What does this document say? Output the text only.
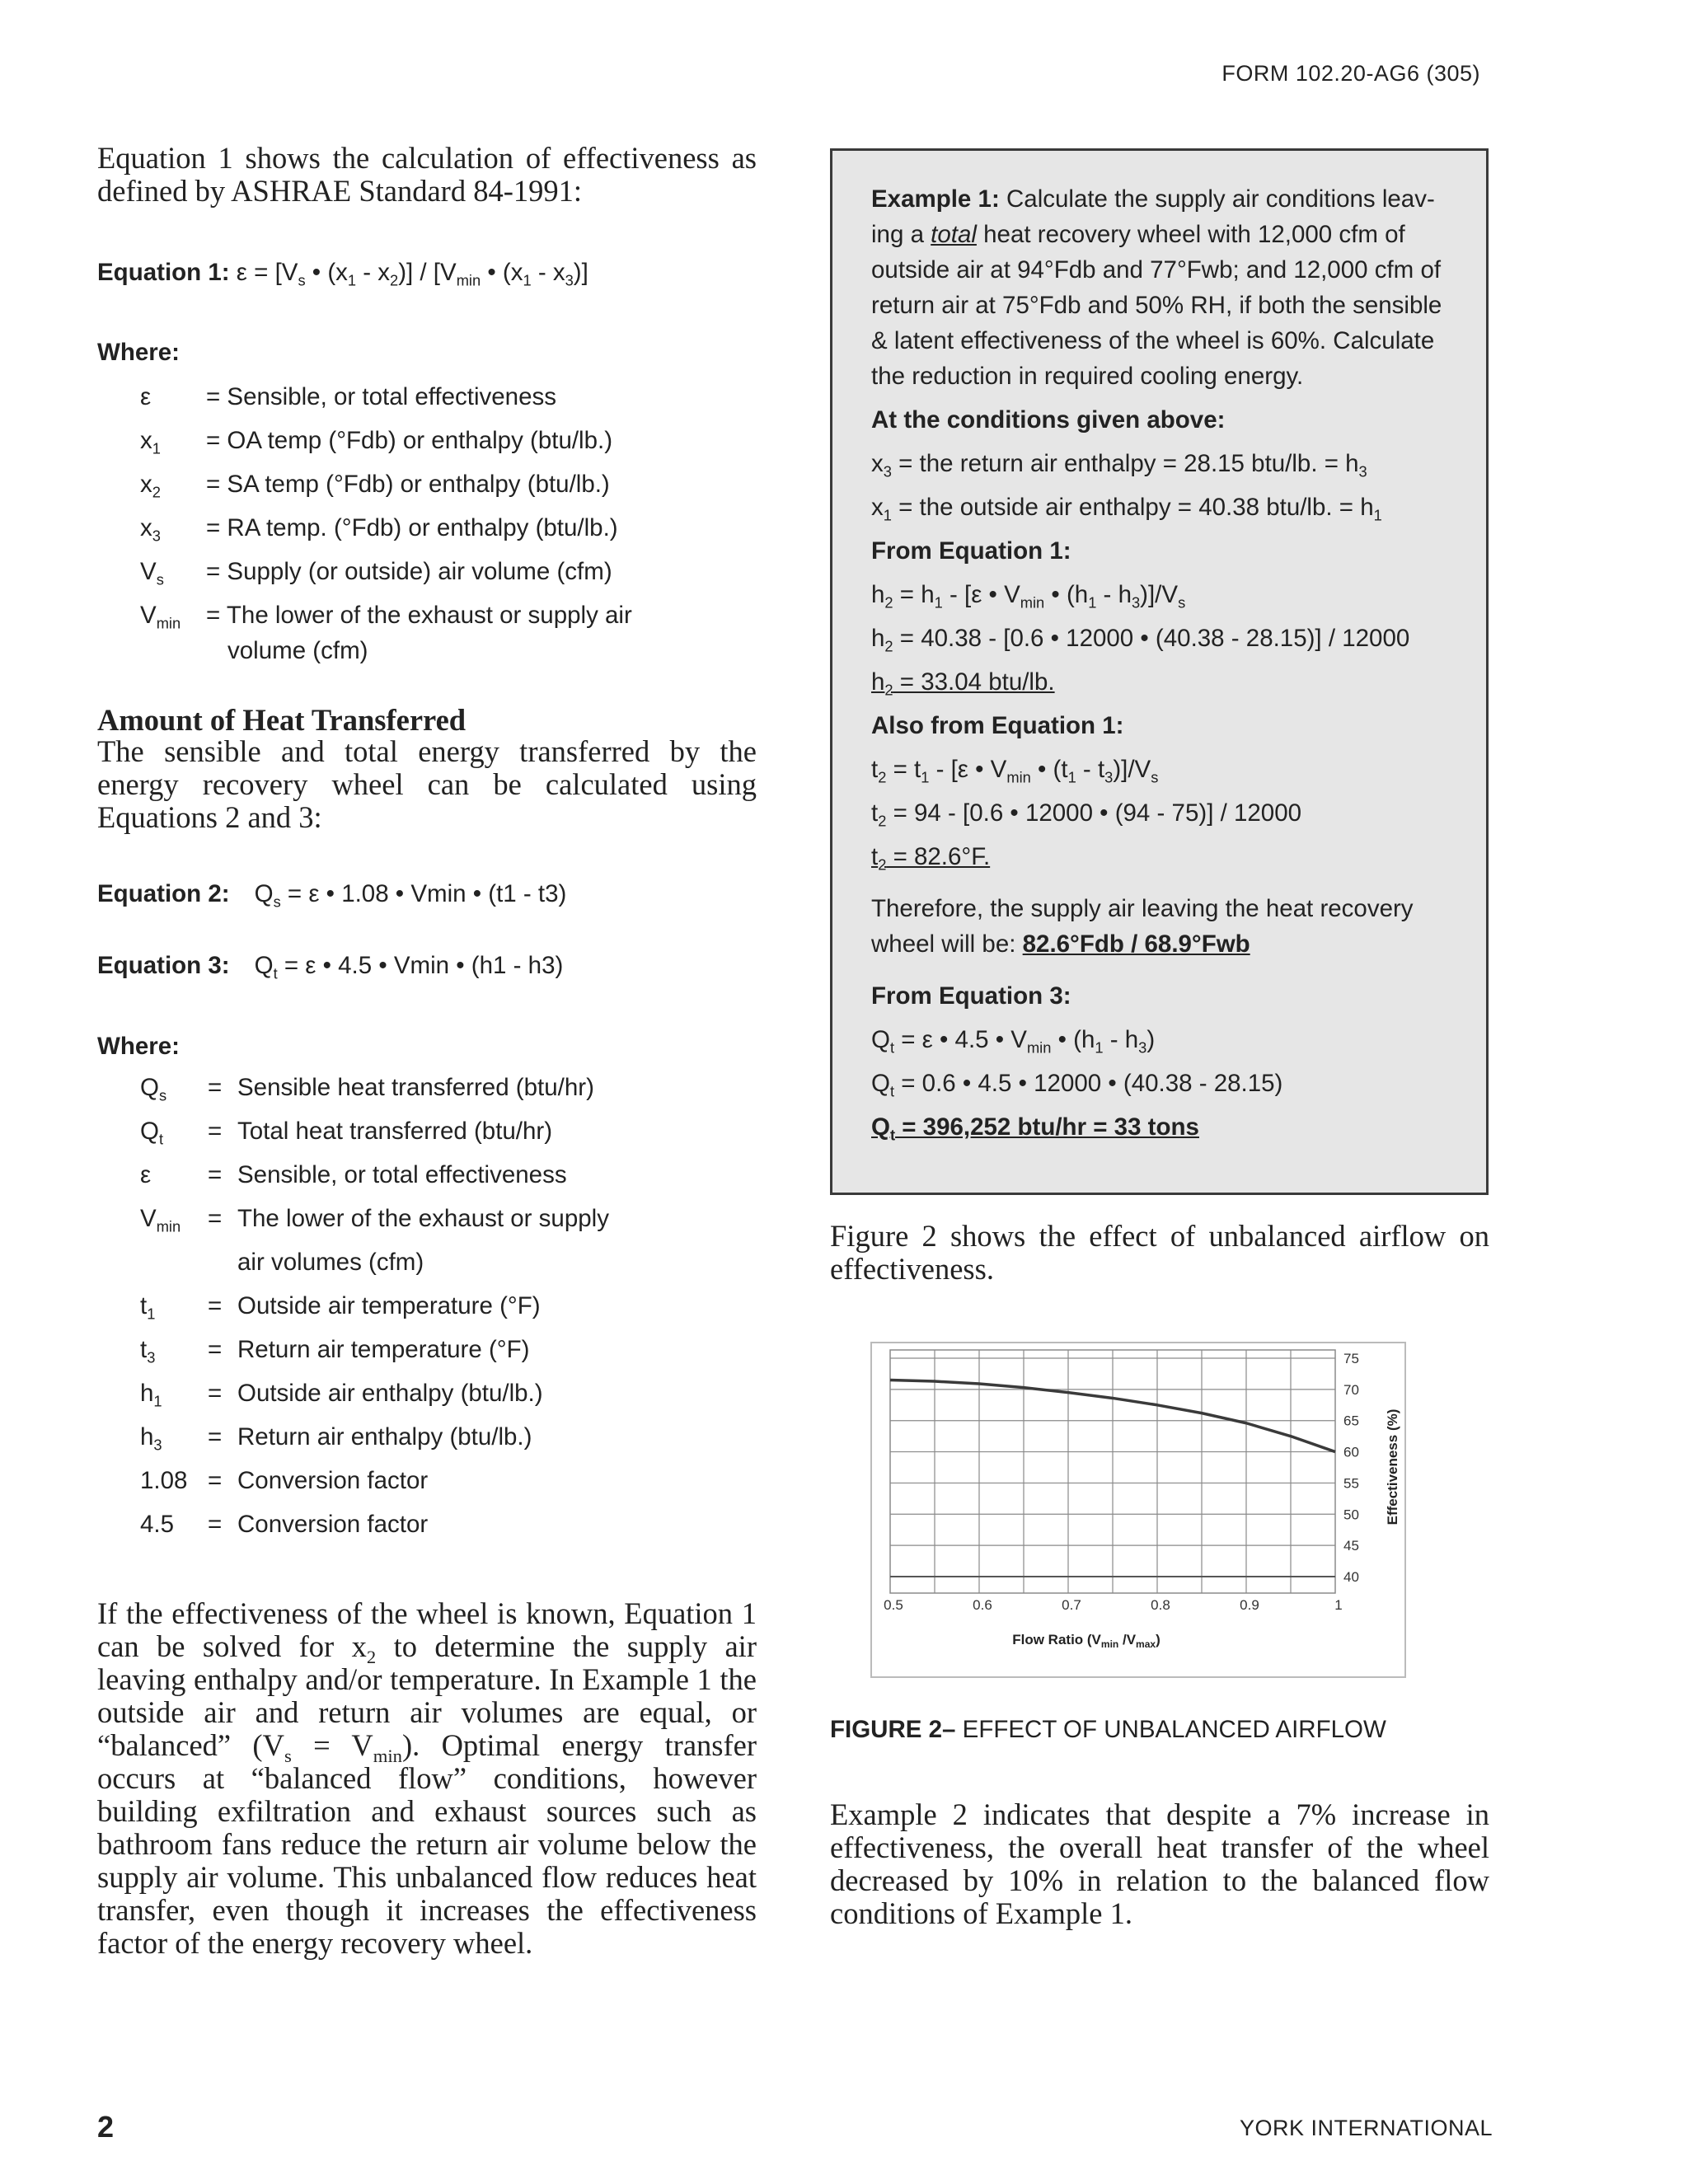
FORM 102.20-AG6 (305)
2	YORK INTERNATIONAL

Equation 1 shows the calculation of effectiveness as defined by ASHRAE Standard 84-1991:

Equation 1: $\varepsilon = [V_s$ • $(x_1 - x_2)] / [V_{min}$ • $(x_1 - x_3)$]
Where:
ε = Sensible, or total effectiveness
$x_1$ = OA temp (°Fdb) or enthalpy (btu/lb.)
$x_2$ = SA temp (°Fdb) or enthalpy (btu/lb.)
$x_3$ = RA temp. (°Fdb) or enthalpy (btu/lb.)
$V_s$ = Supply (or outside) air volume (cfm)
$V_{min}$ = The lower of the exhaust or supply air
volume (cfm)
Amount of Heat Transferred

The sensible and total energy transferred by the energy recovery wheel can be calculated using Equations 2 and 3:

Equation 2: $Q_s = \varepsilon$ • 1.08 • Vmin • (t1 - t3)
Equation 3: $Q_t = \varepsilon$ • 4.5 • Vmin • (h1 - h3)
Where:
$Q_s$ = Sensible heat transferred (btu/hr)
$Q_t$ = Total heat transferred (btu/hr)
ε = Sensible, or total effectiveness
$V_{min}$ = The lower of the exhaust or supply
air volumes (cfm)
$t_1$ = Outside air temperature (°F)
$t_3$ = Return air temperature (°F)
$h_1$ = Outside air enthalpy (btu/lb.)
$h_3$ = Return air enthalpy (btu/lb.)
1.08 = Conversion factor
4.5 = Conversion factor

If the effectiveness of the wheel is known, Equation 1 can be solved for $x_2$ to determine the supply air leaving enthalpy and/or temperature. In Example 1 the outside air and return air volumes are equal, or “balanced” $(V_s = V_{min})$. Optimal energy transfer occurs at “balanced flow” conditions, however building exfiltration and exhaust sources such as bathroom fans reduce the return air volume below the supply air volume. This unbalanced flow reduces heat transfer, even though it increases the effectiveness factor of the energy recovery wheel.

Example 1: Calculate the supply air conditions leav-
ing a total heat recovery wheel with 12,000 cfm of
outside air at 94°Fdb and 77°Fwb; and 12,000 cfm of
return air at 75°Fdb and 50% RH, if both the sensible
& latent effectiveness of the wheel is 60%. Calculate
the reduction in required cooling energy.
At the conditions given above:
$x_3$ = the return air enthalpy = 28.15 btu/lb. = $h_3$
$x_1$ = the outside air enthalpy = 40.38 btu/lb. = $h_1$
From Equation 1:
$h_2 = h_1 - [\varepsilon$ • $V_{min}$ • $(h_1 - h_3)]/V_s$
$h_2 = 40.38 - [0.6$ • 12000 • (40.38 - 28.15)] / 12000
$h_2 = 33.04$ btu/lb.
Also from Equation 1:
$t_2 = t_1 - [\varepsilon$ • $V_{min}$ • $(t_1 - t_3)]/V_s$
$t_2 = 94 - [0.6$ • 12000 • (94 - 75)] / 12000
$t_2 = 82.6^\circ F$.
Therefore, the supply air leaving the heat recovery
wheel will be: 82.6°Fdb / 68.9°Fwb
From Equation 3:
$Q_t = \varepsilon$ • 4.5 • $V_{min}$ • $(h_1 - h_3)$
$Q_t = 0.6$ • 4.5 • 12000 • (40.38 - 28.15)
$Q_t = 396,252$ btu/hr = 33 tons

Figure 2 shows the effect of unbalanced airflow on effectiveness.

0.5	0.6	0.7	0.8	0.9	1
40
45
50
55
60
65
70
75
Flow Ratio ($V_{min}$ $/V_{max}$)
Effectiveness (%)
FIGURE 2– EFFECT OF UNBALANCED AIRFLOW

Example 2 indicates that despite a 7% increase in effectiveness, the overall heat transfer of the wheel decreased by 10% in relation to the balanced flow conditions of Example 1.
